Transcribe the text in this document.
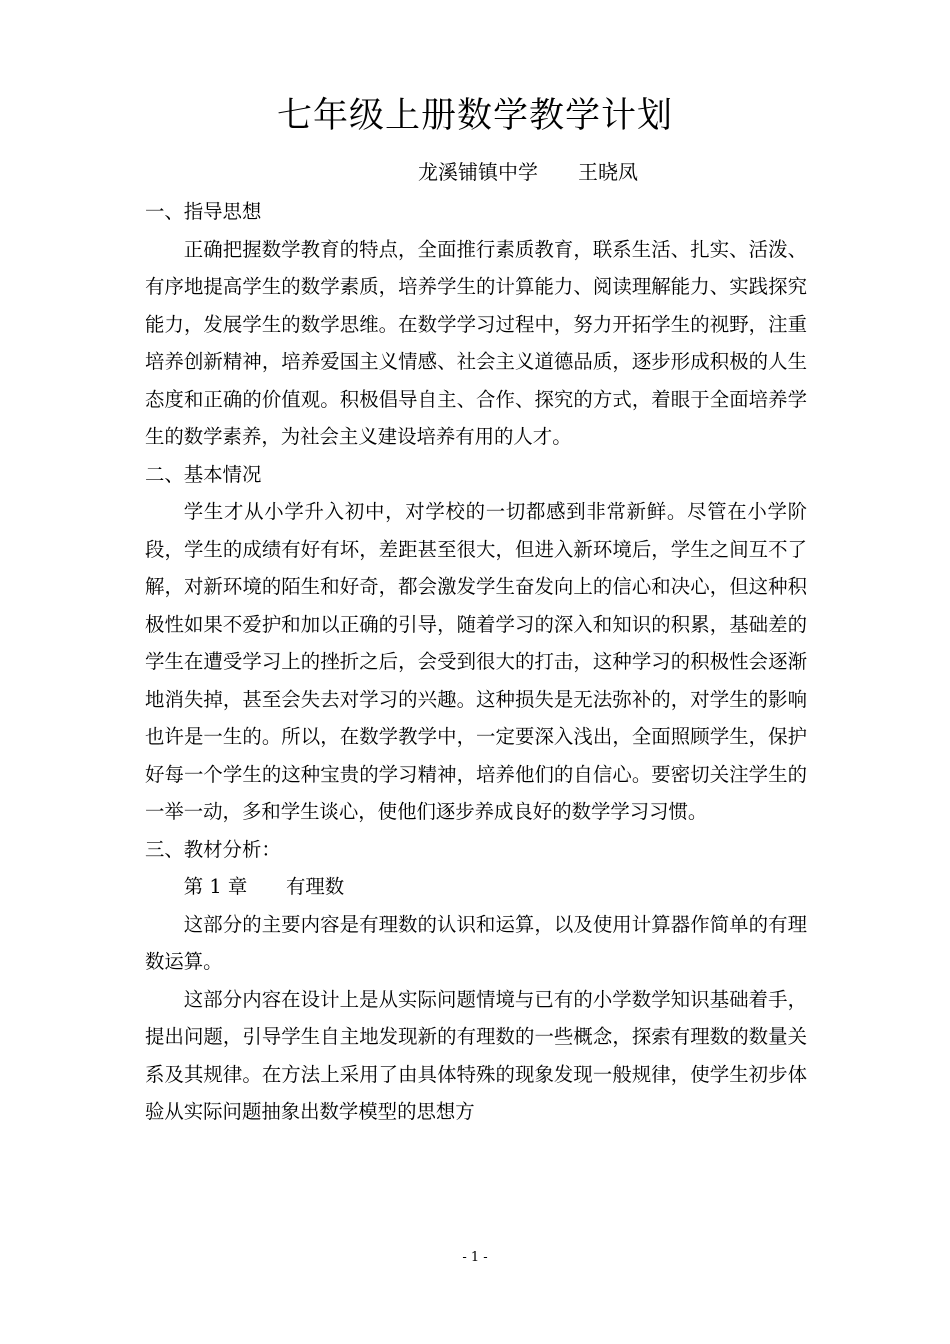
七年级上册数学教学计划
龙溪铺镇中学　　王晓凤

一、指导思想

正确把握数学教育的特点，全面推行素质教育，联系生活、扎实、活泼、有序地提高学生的数学素质，培养学生的计算能力、阅读理解能力、实践探究能力，发展学生的数学思维。在数学学习过程中，努力开拓学生的视野，注重培养创新精神，培养爱国主义情感、社会主义道德品质，逐步形成积极的人生态度和正确的价值观。积极倡导自主、合作、探究的方式，着眼于全面培养学生的数学素养，为社会主义建设培养有用的人才。

二、基本情况

学生才从小学升入初中，对学校的一切都感到非常新鲜。尽管在小学阶段，学生的成绩有好有坏，差距甚至很大，但进入新环境后，学生之间互不了解，对新环境的陌生和好奇，都会激发学生奋发向上的信心和决心，但这种积极性如果不爱护和加以正确的引导，随着学习的深入和知识的积累，基础差的学生在遭受学习上的挫折之后，会受到很大的打击，这种学习的积极性会逐渐地消失掉，甚至会失去对学习的兴趣。这种损失是无法弥补的，对学生的影响也许是一生的。所以，在数学教学中，一定要深入浅出，全面照顾学生，保护好每一个学生的这种宝贵的学习精神，培养他们的自信心。要密切关注学生的一举一动，多和学生谈心，使他们逐步养成良好的数学学习习惯。

三、教材分析：

第 1 章　　有理数

这部分的主要内容是有理数的认识和运算，以及使用计算器作简单的有理数运算。

这部分内容在设计上是从实际问题情境与已有的小学数学知识基础着手，提出问题，引导学生自主地发现新的有理数的一些概念，探索有理数的数量关系及其规律。在方法上采用了由具体特殊的现象发现一般规律，使学生初步体验从实际问题抽象出数学模型的思想方

- 1 -
